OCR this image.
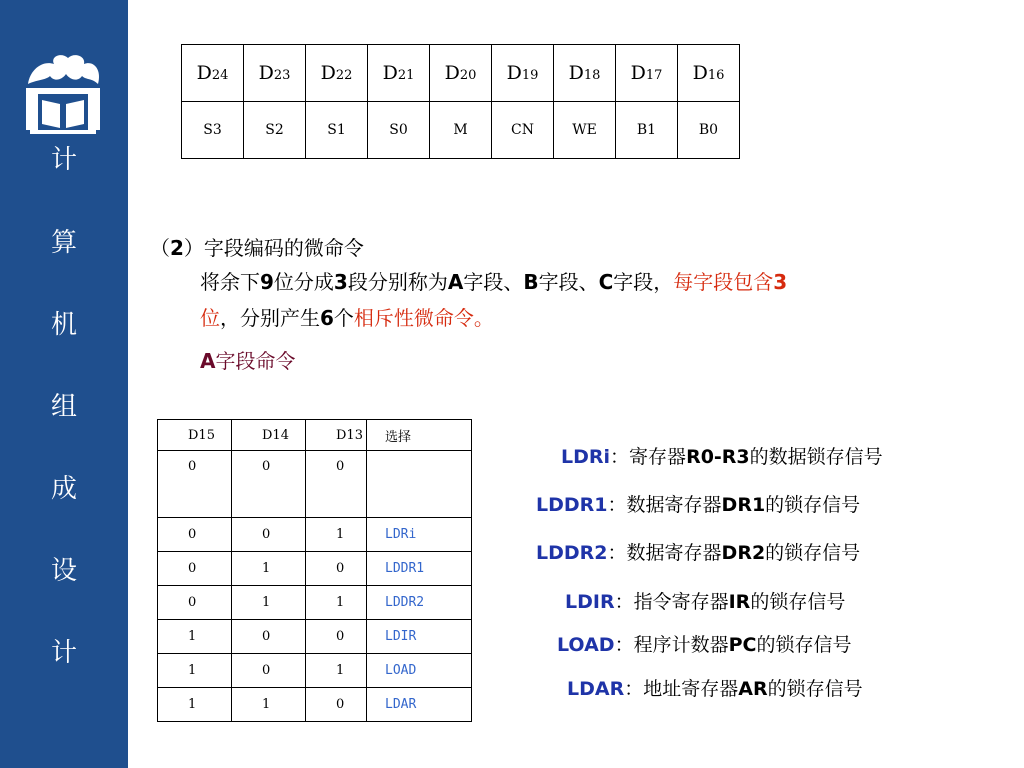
计
算
机
组
成
设
计
D24	D23	D22	D21	D20	D19	D18	D17	D16
S3	S2	S1	S0	M	CN	WE	B1	B0
（2）字段编码的微命令
将余下9位分成3段分别称为A字段、B字段、C字段，每字段包含3
位，分别产生6个相斥性微命令。
A字段命令
D15	D14	D13	选择
0	0	0	
0	0	1	LDRi
0	1	0	LDDR1
0	1	1	LDDR2
1	0	0	LDIR
1	0	1	LOAD
1	1	0	LDAR
LDRi：寄存器R0-R3的数据锁存信号
LDDR1：数据寄存器DR1的锁存信号
LDDR2：数据寄存器DR2的锁存信号
LDIR：指令寄存器IR的锁存信号
LOAD：程序计数器PC的锁存信号
LDAR：地址寄存器AR的锁存信号
